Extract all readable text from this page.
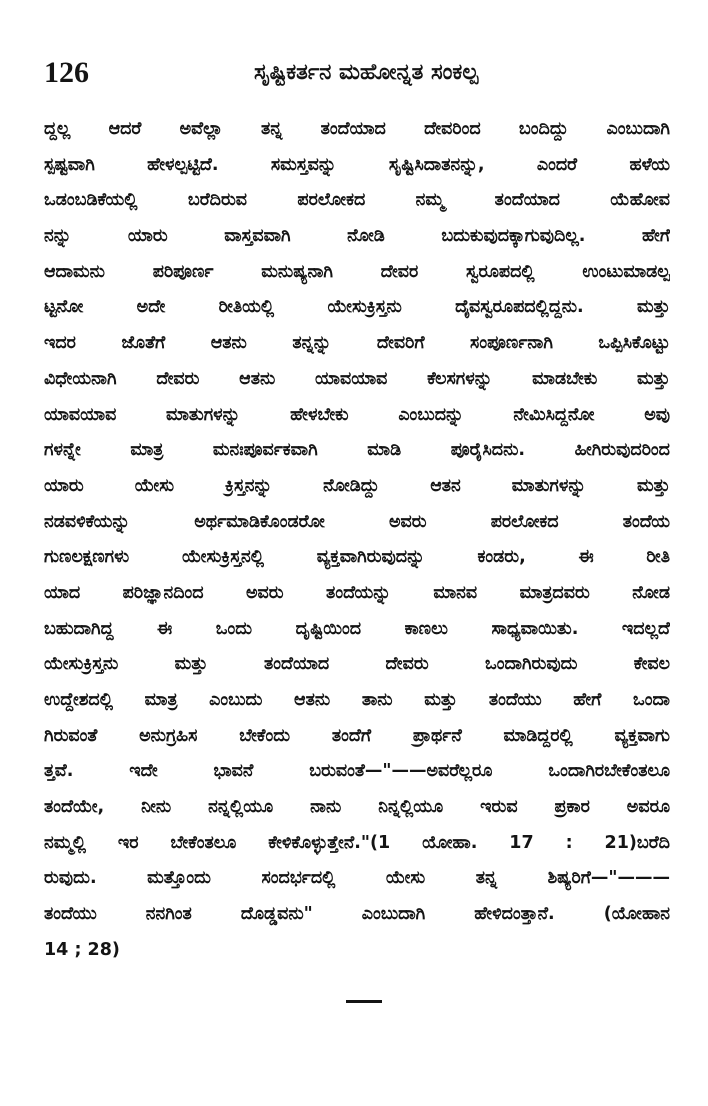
126	ಸೃಷ್ಟಿಕರ್ತನ ಮಹೋನ್ನತ ಸಂಕಲ್ಪ
ದ್ದಲ್ಲ ಆದರೆ ಅವೆಲ್ಲಾ ತನ್ನ ತಂದೆಯಾದ ದೇವರಿಂದ ಬಂದಿದ್ದು ಎಂಬುದಾಗಿ
ಸ್ಪಷ್ಟವಾಗಿ ಹೇಳಲ್ಪಟ್ಟಿದೆ. ಸಮಸ್ತವನ್ನು ಸೃಷ್ಟಿಸಿದಾತನನ್ನು, ಎಂದರೆ ಹಳೆಯ
ಒಡಂಬಡಿಕೆಯಲ್ಲಿ ಬರೆದಿರುವ ಪರಲೋಕದ ನಮ್ಮ ತಂದೆಯಾದ ಯೆಹೋವ
ನನ್ನು ಯಾರು ವಾಸ್ತವವಾಗಿ ನೋಡಿ ಬದುಕುವುದಕ್ಕಾಗುವುದಿಲ್ಲ. ಹೇಗೆ
ಆದಾಮನು ಪರಿಪೂರ್ಣ ಮನುಷ್ಯನಾಗಿ ದೇವರ ಸ್ವರೂಪದಲ್ಲಿ ಉಂಟುಮಾಡಲ್ಪ
ಟ್ಟನೋ ಅದೇ ರೀತಿಯಲ್ಲಿ ಯೇಸುಕ್ರಿಸ್ತನು ದೈವಸ್ವರೂಪದಲ್ಲಿದ್ದನು. ಮತ್ತು
ಇದರ ಜೊತೆಗೆ ಆತನು ತನ್ನನ್ನು ದೇವರಿಗೆ ಸಂಪೂರ್ಣನಾಗಿ ಒಪ್ಪಿಸಿಕೊಟ್ಟು
ವಿಧೇಯನಾಗಿ ದೇವರು ಆತನು ಯಾವಯಾವ ಕೆಲಸಗಳನ್ನು ಮಾಡಬೇಕು ಮತ್ತು
ಯಾವಯಾವ ಮಾತುಗಳನ್ನು ಹೇಳಬೇಕು ಎಂಬುದನ್ನು ನೇಮಿಸಿದ್ದನೋ ಅವು
ಗಳನ್ನೇ ಮಾತ್ರ ಮನಃಪೂರ್ವಕವಾಗಿ ಮಾಡಿ ಪೂರೈಸಿದನು. ಹೀಗಿರುವುದರಿಂದ
ಯಾರು ಯೇಸು ಕ್ರಿಸ್ತನನ್ನು ನೋಡಿದ್ದು ಆತನ ಮಾತುಗಳನ್ನು ಮತ್ತು
ನಡವಳಿಕೆಯನ್ನು ಅರ್ಥಮಾಡಿಕೊಂಡರೋ ಅವರು ಪರಲೋಕದ ತಂದೆಯ
ಗುಣಲಕ್ಷಣಗಳು ಯೇಸುಕ್ರಿಸ್ತನಲ್ಲಿ ವ್ಯಕ್ತವಾಗಿರುವುದನ್ನು ಕಂಡರು, ಈ ರೀತಿ
ಯಾದ ಪರಿಜ್ಞಾನದಿಂದ ಅವರು ತಂದೆಯನ್ನು ಮಾನವ ಮಾತ್ರದವರು ನೋಡ
ಬಹುದಾಗಿದ್ದ ಈ ಒಂದು ದೃಷ್ಟಿಯಿಂದ ಕಾಣಲು ಸಾಧ್ಯವಾಯಿತು. ಇದಲ್ಲದೆ
ಯೇಸುಕ್ರಿಸ್ತನು ಮತ್ತು ತಂದೆಯಾದ ದೇವರು ಒಂದಾಗಿರುವುದು ಕೇವಲ
ಉದ್ದೇಶದಲ್ಲಿ ಮಾತ್ರ ಎಂಬುದು ಆತನು ತಾನು ಮತ್ತು ತಂದೆಯು ಹೇಗೆ ಒಂದಾ
ಗಿರುವಂತೆ ಅನುಗ್ರಹಿಸ ಬೇಕೆಂದು ತಂದೆಗೆ ಪ್ರಾರ್ಥನೆ ಮಾಡಿದ್ದರಲ್ಲಿ ವ್ಯಕ್ತವಾಗು
ತ್ತವೆ. ಇದೇ ಭಾವನೆ ಬರುವಂತೆ—"——ಅವರೆಲ್ಲರೂ ಒಂದಾಗಿರಬೇಕೆಂತಲೂ
ತಂದೆಯೇ, ನೀನು ನನ್ನಲ್ಲಿಯೂ ನಾನು ನಿನ್ನಲ್ಲಿಯೂ ಇರುವ ಪ್ರಕಾರ ಅವರೂ
ನಮ್ಮಲ್ಲಿ ಇರ ಬೇಕೆಂತಲೂ ಕೇಳಿಕೊಳ್ಳುತ್ತೇನೆ."(1 ಯೋಹಾ. 17 : 21)ಬರೆದಿ
ರುವುದು. ಮತ್ತೊಂದು ಸಂದರ್ಭದಲ್ಲಿ ಯೇಸು ತನ್ನ ಶಿಷ್ಯರಿಗೆ—"———
ತಂದೆಯು ನನಗಿಂತ ದೊಡ್ಡವನು" ಎಂಬುದಾಗಿ ಹೇಳಿದಂತ್ತಾನೆ. (ಯೋಹಾನ
14 ; 28)
